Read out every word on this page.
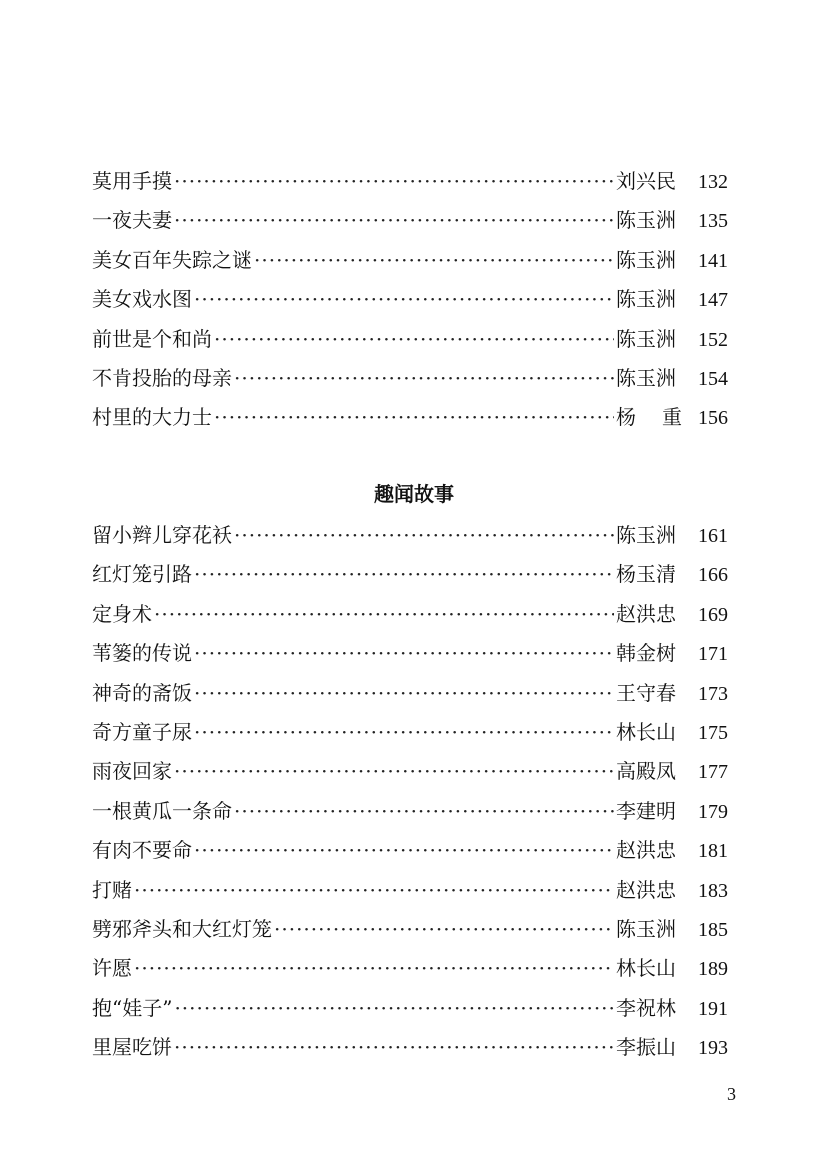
莫用手摸 ·····	刘兴民	132
一夜夫妻 ·····	陈玉洲	135
美女百年失踪之谜 ·····	陈玉洲	141
美女戏水图 ·····	陈玉洲	147
前世是个和尚 ·····	陈玉洲	152
不肯投胎的母亲 ·····	陈玉洲	154
村里的大力士 ·····	杨　重 156
趣闻故事
留小辫儿穿花袄 ·····	陈玉洲	161
红灯笼引路 ·····	杨玉清	166
定身术 ·····	赵洪忠	169
苇篓的传说 ·····	韩金树	171
神奇的斋饭 ·····	王守春	173
奇方童子尿 ·····	林长山	175
雨夜回家 ·····	高殿凤	177
一根黄瓜一条命 ·····	李建明	179
有肉不要命 ·····	赵洪忠	181
打赌 ·····	赵洪忠	183
劈邪斧头和大红灯笼 ·····	陈玉洲	185
许愿 ·····	林长山	189
抱“娃子” ·····	李祝林	191
里屋吃饼 ·····	李振山	193
3
